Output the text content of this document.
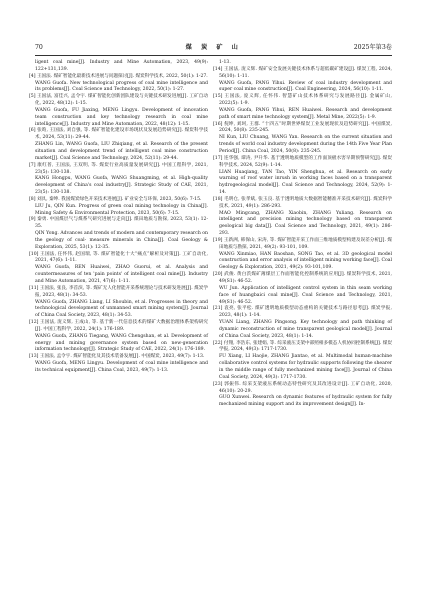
70	煤 炭 矿 山	2025年第3卷
ligent coal mine[J]. Industry and Mine Automation, 2023, 49(9): 122+131,139.
[4] 王国法. 煤矿智能化最新技术进展与问题探讨[J]. 煤炭科学技术, 2022, 50(1): 1-27.
WANG Guofa. New technological progress of coal mine intelligence and its problems[J]. Coal Science and Technology, 2022, 50(1): 1-27.
[5] 王国法, 富佳兴, 孟令宇. 煤矿智能化创新团队建设与关键技术研发进展[J]. 工矿自动化, 2022, 48(12): 1-15.
WANG Guofa, FU Jiaxing, MENG Lingyu. Development of innovation team construction and key technology research in coal mine intelligence[J]. Industry and Mine Automation, 2022, 48(12): 1-15.
[6] 张昀, 王国法, 刘自强, 等. 煤矿智能化建设市场现状及发展趋势研究[J]. 煤炭科学技术, 2024, 53(11): 29-44.
ZHANG Lin, WANG Guofa, LIU Zhiqiang, et al. Research of the present situation and development trend of intelligent coal mine construction market[J]. Coal Science and Technology, 2024, 52(11): 29-44.
[7] 康红普, 王国法, 王双明, 等. 煤炭行业高质量发展研究[J]. 中国工程科学, 2021, 23(5): 130-138.
KANG Hongpu, WANG Guofa, WANG Shuangming, et al. High-quality development of China's coal industry[J]. Strategic Study of CAE, 2021, 23(5): 130-138.
[8] 刘具, 秦坤. 我国煤炭绿色开采技术进展[J]. 矿业安全与环保, 2023, 50(6): 7-15.
LIU Ju, QIN Kun. Progress of green coal mining technology in China[J]. Mining Safety & Environmental Protection, 2023, 50(6): 7-15.
[9] 秦勇. 中国煤层气与煤系气研究进展与走向[J]. 煤田地质与勘探, 2023, 53(1): 12-35.
QIN Yong. Advances and trends of modern and contemporary research on the geology of coal- measure minerals in China[J]. Coal Geology & Exploration, 2025, 53(1): 12-35.
[10] 王国法, 任怀伟, 赵国瑞, 等. 煤矿智能化十大“痛点”解析及对策[J]. 工矿自动化, 2021, 47(6): 1-11.
WANG Guofa, REN Huaiwei, ZHAO Guorui, et al. Analysis and countermeasures of ten 'pain points' of intelligent coal mine[J]. Industry and Mine Automation, 2021, 47(6): 1-11.
[11] 王国法, 张良, 李首滨, 等. 煤矿无人化智能开采系统理论与技术研发进展[J]. 煤炭学报, 2023, 48(1): 34-53.
WANG Guofa, ZHANG Liang, LI Shoubin, et al. Progresses in theory and technological development of unmanned smart mining system[J]. Journal of China Coal Society, 2023, 48(1): 34-53.
[12] 王国法, 庞义辉, 王成山, 等. 基于新一代信息技术的煤矿大数据治理体系架构研究[J]. 中国工程科学, 2022, 24(1): 176-189.
WANG Guofa, ZHANG Tiegang, WANG Chengshan, et al. Development of energy and mining governance system based on new-generation information technology[J]. Strategic Study of CAE, 2022, 24(1): 176-189.
[13] 王国法, 孟令宇. 煤矿智能化及其技术装备发展[J]. 中国煤炭, 2023, 49(7): 1-13.
WANG Guofa, MENG Lingyu. Development of coal mine intelligence and its technical equipment[J]. China Coal, 2023, 49(7): 1-13.
1-13.
[14] 王国法, 庞义辉. 煤矿安全发展关键技术体系与超低碳矿建设[J]. 煤炭工程, 2024, 56(10): 1-11.
WANG Guofa, PANG Yihui. Review of coal industry development and super coal mine construction[J]. Coal Engineering, 2024, 56(10): 1-11.
[15] 王国法, 庞义辉, 任怀伟. 智慧矿山技术体系研究与发展路径[J]. 金属矿山, 2022(5): 1-9.
WANG Guofa, PANG Yihui, REN Huaiwei. Research and development path of smart mine technology system[J]. Metal Mine, 2022(5): 1-9.
[16] 倪坤, 刘珂, 王群. “十四五”时期世界煤炭工业发展现状及趋势研究[J]. 中国煤炭, 2024, 50(8): 235-245.
NI Kun, LIU Chuang, WANG Yan. Research on the current situation and trends of world coal industry development during the 14th Five Year Plan Period[J]. China Coal, 2024, 50(8): 235-245.
[17] 连华强, 谭涛, 尹升华. 基于透明地质模型的工作面顶板水害早期预警研究[J]. 煤炭科学技术, 2024, 52(9): 1-14.
LIAN Huaqiang, TAN Tao, YIN Shenghua, et al. Research on early warning of roof water inrush in working faces based on a transparent hydrogeological model[J]. Coal Science and Technology, 2024, 52(9): 1-14.
[18] 毛明仓, 张孝斌, 张玉良. 基于透明地质大数据智能精准开采技术研究[J]. 煤炭科学技术, 2021, 49(1): 286-293.
MAO Mingcang, ZHANG Xiaobin, ZHANG Yuliang. Research on intelligent and precision mining technology based on transparent geological big data[J]. Coal Science and Technology, 2021, 49(1): 286-293.
[19] 王新洲, 韩保山, 宋涛, 等. 煤矿智能开采工作面三维地质模型构建及误差分析[J]. 煤田地质与勘探, 2021, 49(2): 93-101, 109.
WANG Xinmiao, HAN Baoshan, SONG Tao, et al. 3D geological model construction and error analysis of intelligent mining working face[J]. Coal Geology & Exploration, 2021, 49(2): 93-101,109.
[20] 武俊. 黄白茨煤矿薄煤层工作面智能化控制系统的应用[J]. 煤炭科学技术, 2021, 49(S1): 46-52.
WU Jun. Application of intelligent control system in thin seam working face of huangbaici coal mine[J]. Coal Science and Technology, 2021, 49(S1): 46-52.
[21] 袁亮, 张平松. 煤矿透明地质模型动态重构的关键技术与路径思考[J]. 煤炭学报, 2023, 48(1): 1-14.
YUAN Liang, ZHANG Pingsong. Key technology and path thinking of dynamic reconstruction of mine transparent geological model[J]. Journal of China Coal Society, 2023, 48(1): 1-14.
[22] 付翔, 李浩东, 张建娟, 等. 综采液压支架中部照相多模态人机协同控制系统[J]. 煤炭学报, 2024, 49(3): 1717-1730.
FU Xiang, LI Haojie, ZHANG Jiantao, et al. Multimodal human-machine collaborative control systems for hydraulic supports following the shearer in the middle range of fully mechanized mining face[J]. Journal of China Coal Society, 2024, 49(3): 1717-1730.
[23] 郭振伟. 综采支架液压系统动态特性研究及其改进设计[J]. 工矿自动化, 2020, 46(10): 20-29.
GUO Xunwei. Research on dynamic features of hydraulic system for fully mechanized mining support and its improvement design[J]. In-
